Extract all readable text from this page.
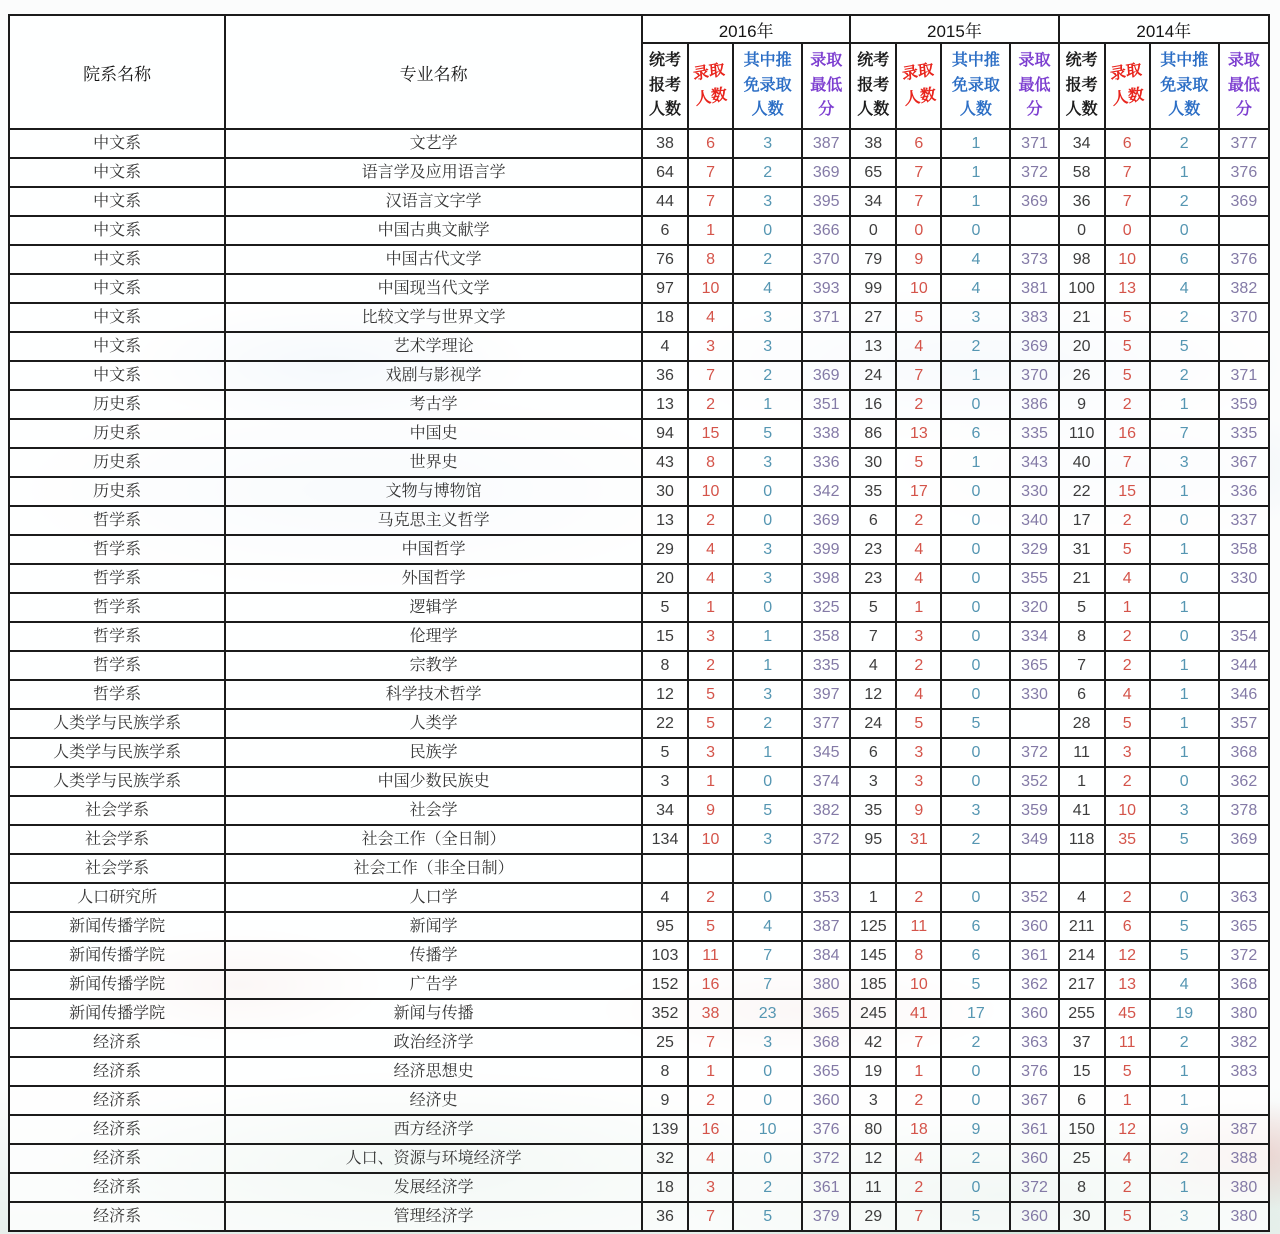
院系名称	专业名称	2016年				2015年				2014年			
		统考报考人数	录取人数	其中推免录取人数	录取最低分	统考报考人数	录取人数	其中推免录取人数	录取最低分	统考报考人数	录取人数	其中推免录取人数	录取最低分
中文系	文艺学	38	6	3	387	38	6	1	371	34	6	2	377
中文系	语言学及应用语言学	64	7	2	369	65	7	1	372	58	7	1	376
中文系	汉语言文字学	44	7	3	395	34	7	1	369	36	7	2	369
中文系	中国古典文献学	6	1	0	366	0	0	0		0	0	0	
中文系	中国古代文学	76	8	2	370	79	9	4	373	98	10	6	376
中文系	中国现当代文学	97	10	4	393	99	10	4	381	100	13	4	382
中文系	比较文学与世界文学	18	4	3	371	27	5	3	383	21	5	2	370
中文系	艺术学理论	4	3	3		13	4	2	369	20	5	5	
中文系	戏剧与影视学	36	7	2	369	24	7	1	370	26	5	2	371
历史系	考古学	13	2	1	351	16	2	0	386	9	2	1	359
历史系	中国史	94	15	5	338	86	13	6	335	110	16	7	335
历史系	世界史	43	8	3	336	30	5	1	343	40	7	3	367
历史系	文物与博物馆	30	10	0	342	35	17	0	330	22	15	1	336
哲学系	马克思主义哲学	13	2	0	369	6	2	0	340	17	2	0	337
哲学系	中国哲学	29	4	3	399	23	4	0	329	31	5	1	358
哲学系	外国哲学	20	4	3	398	23	4	0	355	21	4	0	330
哲学系	逻辑学	5	1	0	325	5	1	0	320	5	1	1	
哲学系	伦理学	15	3	1	358	7	3	0	334	8	2	0	354
哲学系	宗教学	8	2	1	335	4	2	0	365	7	2	1	344
哲学系	科学技术哲学	12	5	3	397	12	4	0	330	6	4	1	346
人类学与民族学系	人类学	22	5	2	377	24	5	5		28	5	1	357
人类学与民族学系	民族学	5	3	1	345	6	3	0	372	11	3	1	368
人类学与民族学系	中国少数民族史	3	1	0	374	3	3	0	352	1	2	0	362
社会学系	社会学	34	9	5	382	35	9	3	359	41	10	3	378
社会学系	社会工作（全日制）	134	10	3	372	95	31	2	349	118	35	5	369
社会学系	社会工作（非全日制）												
人口研究所	人口学	4	2	0	353	1	2	0	352	4	2	0	363
新闻传播学院	新闻学	95	5	4	387	125	11	6	360	211	6	5	365
新闻传播学院	传播学	103	11	7	384	145	8	6	361	214	12	5	372
新闻传播学院	广告学	152	16	7	380	185	10	5	362	217	13	4	368
新闻传播学院	新闻与传播	352	38	23	365	245	41	17	360	255	45	19	380
经济系	政治经济学	25	7	3	368	42	7	2	363	37	11	2	382
经济系	经济思想史	8	1	0	365	19	1	0	376	15	5	1	383
经济系	经济史	9	2	0	360	3	2	0	367	6	1	1	
经济系	西方经济学	139	16	10	376	80	18	9	361	150	12	9	387
经济系	人口、资源与环境经济学	32	4	0	372	12	4	2	360	25	4	2	388
经济系	发展经济学	18	3	2	361	11	2	0	372	8	2	1	380
经济系	管理经济学	36	7	5	379	29	7	5	360	30	5	3	380
